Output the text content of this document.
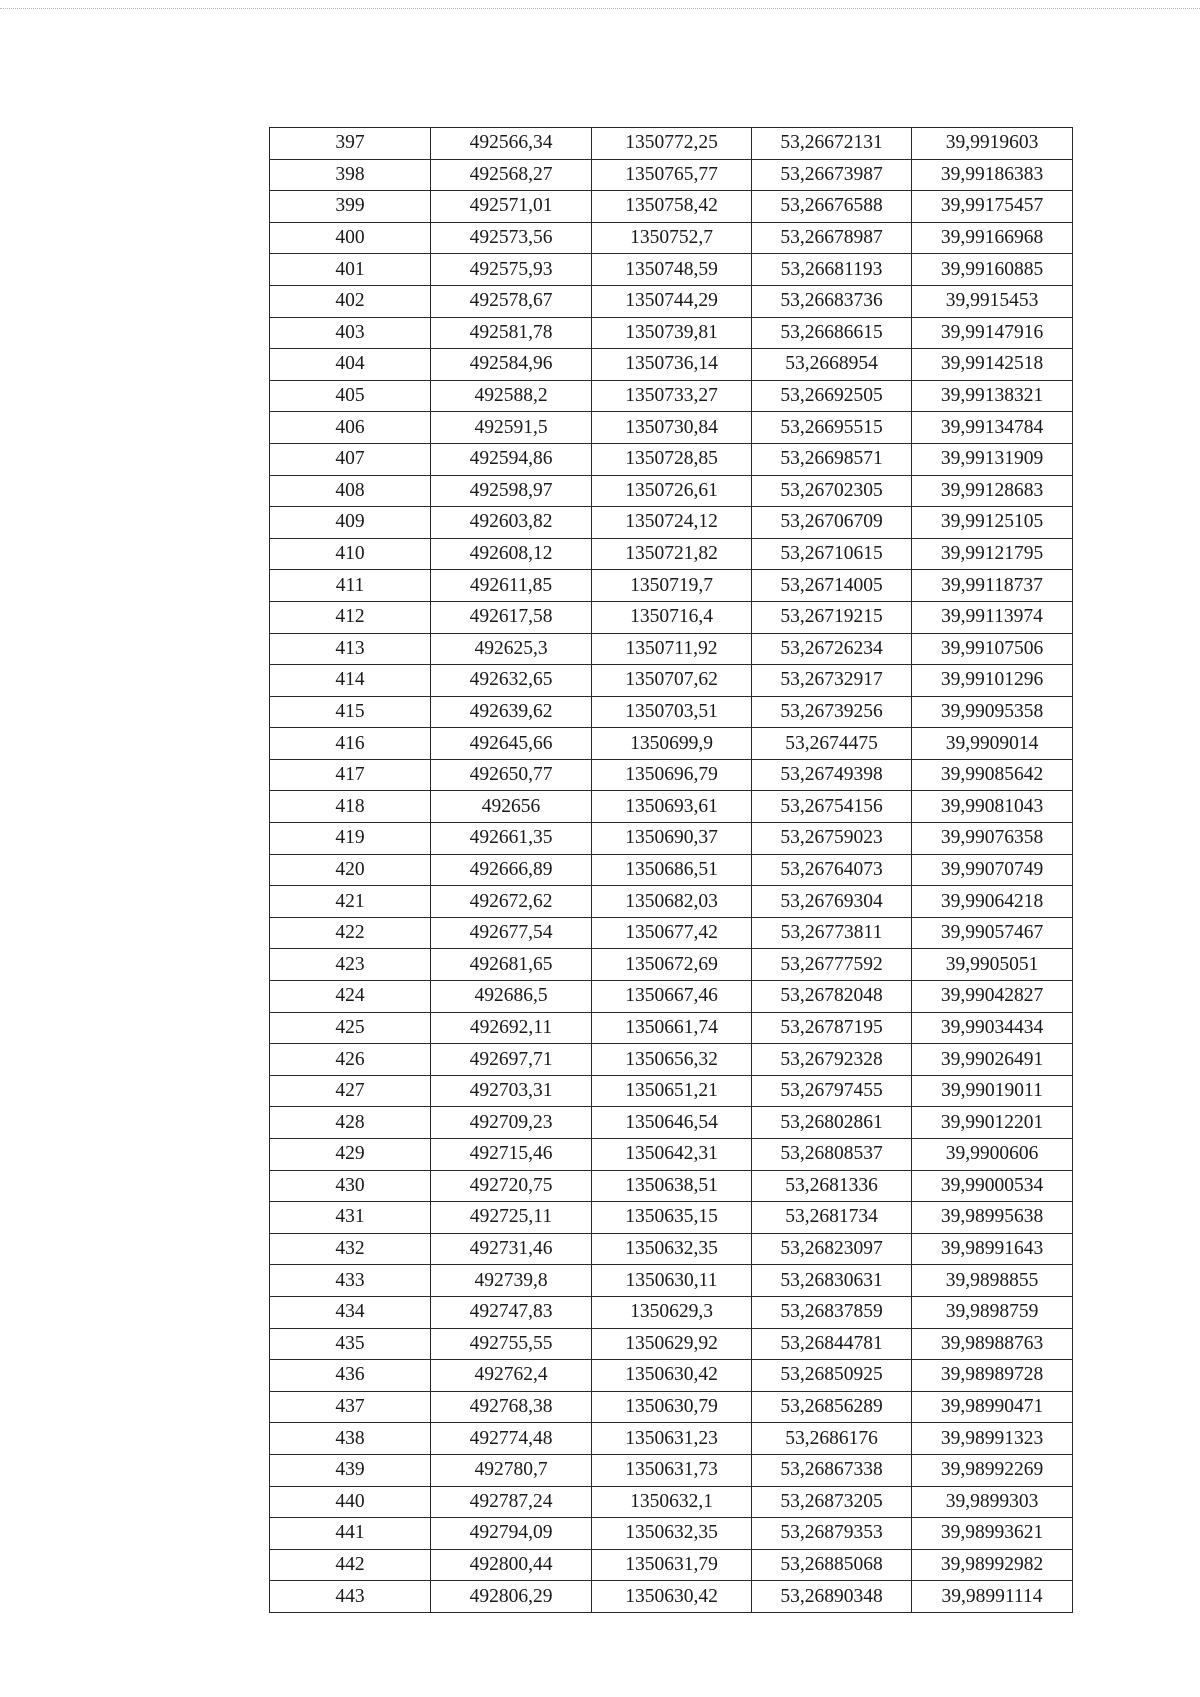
397	492566,34	1350772,25	53,26672131	39,9919603
398	492568,27	1350765,77	53,26673987	39,99186383
399	492571,01	1350758,42	53,26676588	39,99175457
400	492573,56	1350752,7	53,26678987	39,99166968
401	492575,93	1350748,59	53,26681193	39,99160885
402	492578,67	1350744,29	53,26683736	39,9915453
403	492581,78	1350739,81	53,26686615	39,99147916
404	492584,96	1350736,14	53,2668954	39,99142518
405	492588,2	1350733,27	53,26692505	39,99138321
406	492591,5	1350730,84	53,26695515	39,99134784
407	492594,86	1350728,85	53,26698571	39,99131909
408	492598,97	1350726,61	53,26702305	39,99128683
409	492603,82	1350724,12	53,26706709	39,99125105
410	492608,12	1350721,82	53,26710615	39,99121795
411	492611,85	1350719,7	53,26714005	39,99118737
412	492617,58	1350716,4	53,26719215	39,99113974
413	492625,3	1350711,92	53,26726234	39,99107506
414	492632,65	1350707,62	53,26732917	39,99101296
415	492639,62	1350703,51	53,26739256	39,99095358
416	492645,66	1350699,9	53,2674475	39,9909014
417	492650,77	1350696,79	53,26749398	39,99085642
418	492656	1350693,61	53,26754156	39,99081043
419	492661,35	1350690,37	53,26759023	39,99076358
420	492666,89	1350686,51	53,26764073	39,99070749
421	492672,62	1350682,03	53,26769304	39,99064218
422	492677,54	1350677,42	53,26773811	39,99057467
423	492681,65	1350672,69	53,26777592	39,9905051
424	492686,5	1350667,46	53,26782048	39,99042827
425	492692,11	1350661,74	53,26787195	39,99034434
426	492697,71	1350656,32	53,26792328	39,99026491
427	492703,31	1350651,21	53,26797455	39,99019011
428	492709,23	1350646,54	53,26802861	39,99012201
429	492715,46	1350642,31	53,26808537	39,9900606
430	492720,75	1350638,51	53,2681336	39,99000534
431	492725,11	1350635,15	53,2681734	39,98995638
432	492731,46	1350632,35	53,26823097	39,98991643
433	492739,8	1350630,11	53,26830631	39,9898855
434	492747,83	1350629,3	53,26837859	39,9898759
435	492755,55	1350629,92	53,26844781	39,98988763
436	492762,4	1350630,42	53,26850925	39,98989728
437	492768,38	1350630,79	53,26856289	39,98990471
438	492774,48	1350631,23	53,2686176	39,98991323
439	492780,7	1350631,73	53,26867338	39,98992269
440	492787,24	1350632,1	53,26873205	39,9899303
441	492794,09	1350632,35	53,26879353	39,98993621
442	492800,44	1350631,79	53,26885068	39,98992982
443	492806,29	1350630,42	53,26890348	39,98991114
